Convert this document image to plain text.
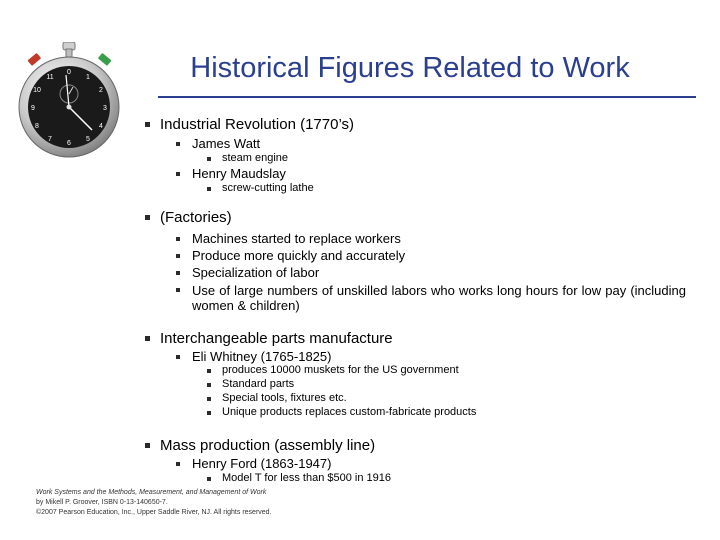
0
1
2
3
4
5
6
7
8
9
10
11	Historical Figures Related to Work
Industrial Revolution (1770’s)
James Watt
steam engine
Henry Maudslay
screw-cutting lathe
(Factories)
Machines started to replace workers
Produce more quickly and accurately
Specialization of labor
Use of large numbers of unskilled labors who works long hours for low pay (including women & children)
Interchangeable parts manufacture
Eli Whitney (1765-1825)
produces 10000 muskets for the US government
Standard parts
Special tools, fixtures etc.
Unique products replaces custom-fabricate products
Mass production (assembly line)
Henry Ford (1863-1947)
Model T for less than $500 in 1916
Work Systems and the Methods, Measurement, and Management of Work
by Mikell P. Groover, ISBN 0-13-140650-7.
©2007 Pearson Education, Inc., Upper Saddle River, NJ. All rights reserved.
